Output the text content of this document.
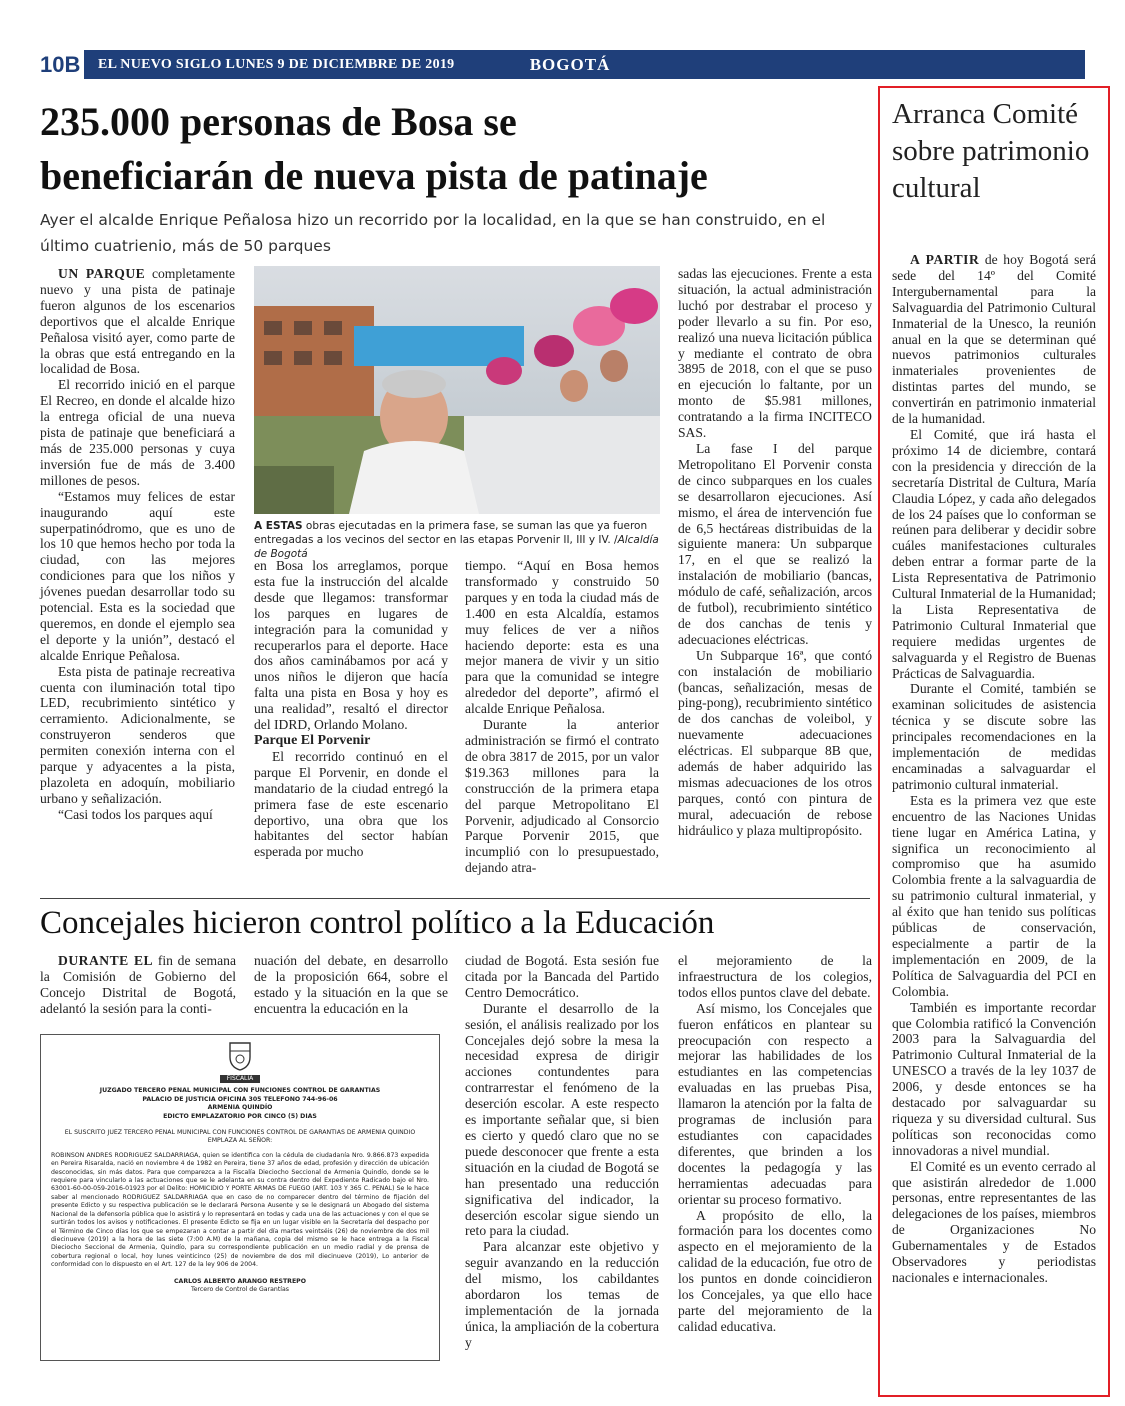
10B EL NUEVO SIGLO LUNES 9 DE DICIEMBRE DE 2019	BOGOTÁ
235.000 personas de Bosa se
beneficiarán de nueva pista de patinaje
Ayer el alcalde Enrique Peñalosa hizo un recorrido por la localidad, en la que se han construido, en el último cuatrienio, más de 50 parques

UN PARQUE completamente nuevo y una pista de patinaje fueron algunos de los escenarios deportivos que el alcalde Enrique Peñalosa visitó ayer, como parte de la obras que está entregando en la localidad de Bosa.

El recorrido inició en el parque El Recreo, en donde el alcalde hizo la entrega oficial de una nueva pista de patinaje que beneficiará a más de 235.000 personas y cuya inversión fue de más de 3.400 millones de pesos.

“Estamos muy felices de estar inaugurando aquí este superpatinódromo, que es uno de los 10 que hemos hecho por toda la ciudad, con las mejores condiciones para que los niños y jóvenes puedan desarrollar todo su potencial. Esta es la sociedad que queremos, en donde el ejemplo sea el deporte y la unión”, destacó el alcalde Enrique Peñalosa.

Esta pista de patinaje recreativa cuenta con iluminación total tipo LED, recubrimiento sintético y cerramiento. Adicionalmente, se construyeron senderos que permiten conexión interna con el parque y adyacentes a la pista, plazoleta en adoquín, mobiliario urbano y señalización.

“Casi todos los parques aquí

A ESTAS obras ejecutadas en la primera fase, se suman las que ya fueron entregadas a los vecinos del sector en las etapas Porvenir II, III y IV. /Alcaldía de Bogotá

en Bosa los arreglamos, porque esta fue la instrucción del alcalde desde que llegamos: transformar los parques en lugares de integración para la comunidad y recuperarlos para el deporte. Hace dos años caminábamos por acá y unos niños le dijeron que hacía falta una pista en Bosa y hoy es una realidad”, resaltó el director del IDRD, Orlando Molano.

Parque El Porvenir

El recorrido continuó en el parque El Porvenir, en donde el mandatario de la ciudad entregó la primera fase de este escenario deportivo, una obra que los habitantes del sector habían esperada por mucho

tiempo. “Aquí en Bosa hemos transformado y construido 50 parques y en toda la ciudad más de 1.400 en esta Alcaldía, estamos muy felices de ver a niños haciendo deporte: esta es una mejor manera de vivir y un sitio para que la comunidad se integre alrededor del deporte”, afirmó el alcalde Enrique Peñalosa.

Durante la anterior administración se firmó el contrato de obra 3817 de 2015, por un valor $19.363 millones para la construcción de la primera etapa del parque Metropolitano El Porvenir, adjudicado al Consorcio Parque Porvenir 2015, que incumplió con lo presupuestado, dejando atra-

sadas las ejecuciones. Frente a esta situación, la actual administración luchó por destrabar el proceso y poder llevarlo a su fin. Por eso, realizó una nueva licitación pública y mediante el contrato de obra 3895 de 2018, con el que se puso en ejecución lo faltante, por un monto de $5.981 millones, contratando a la firma INCITECO SAS.

La fase I del parque Metropolitano El Porvenir consta de cinco subparques en los cuales se desarrollaron ejecuciones. Así mismo, el área de intervención fue de 6,5 hectáreas distribuidas de la siguiente manera: Un subparque 17, en el que se realizó la instalación de mobiliario (bancas, módulo de café, señalización, arcos de futbol), recubrimiento sintético de dos canchas de tenis y adecuaciones eléctricas.

Un Subparque 16ª, que contó con instalación de mobiliario (bancas, señalización, mesas de ping-pong), recubrimiento sintético de dos canchas de voleibol, y nuevamente adecuaciones eléctricas. El subparque 8B que, además de haber adquirido las mismas adecuaciones de los otros parques, contó con pintura de mural, adecuación de rebose hidráulico y plaza multipropósito.

Concejales hicieron control político a la Educación

DURANTE EL fin de semana la Comisión de Gobierno del Concejo Distrital de Bogotá, adelantó la sesión para la conti-

nuación del debate, en desarrollo de la proposición 664, sobre el estado y la situación en la que se encuentra la educación en la

ciudad de Bogotá. Esta sesión fue citada por la Bancada del Partido Centro Democrático.

Durante el desarrollo de la sesión, el análisis realizado por los Concejales dejó sobre la mesa la necesidad expresa de dirigir acciones contundentes para contrarrestar el fenómeno de la deserción escolar. A este respecto es importante señalar que, si bien es cierto y quedó claro que no se puede desconocer que frente a esta situación en la ciudad de Bogotá se han presentado una reducción significativa del indicador, la deserción escolar sigue siendo un reto para la ciudad.

Para alcanzar este objetivo y seguir avanzando en la reducción del mismo, los cabildantes abordaron los temas de implementación de la jornada única, la ampliación de la cobertura y

el mejoramiento de la infraestructura de los colegios, todos ellos puntos clave del debate.

Así mismo, los Concejales que fueron enfáticos en plantear su preocupación con respecto a mejorar las habilidades de los estudiantes en las competencias evaluadas en las pruebas Pisa, llamaron la atención por la falta de programas de inclusión para estudiantes con capacidades diferentes, que brinden a los docentes la pedagogía y las herramientas adecuadas para orientar su proceso formativo.

A propósito de ello, la formación para los docentes como aspecto en el mejoramiento de la calidad de la educación, fue otro de los puntos en donde coincidieron los Concejales, ya que ello hace parte del mejoramiento de la calidad educativa.

FISCALIA
JUZGADO TERCERO PENAL MUNICIPAL CON FUNCIONES CONTROL DE GARANTIAS
PALACIO DE JUSTICIA OFICINA 305 TELEFONO 744-96-06
ARMENIA QUINDÍO
EDICTO EMPLAZATORIO POR CINCO (5) DIAS
EL SUSCRITO JUEZ TERCERO PENAL MUNICIPAL CON FUNCIONES CONTROL DE GARANTIAS DE ARMENIA QUINDIO EMPLAZA AL SEÑOR:
ROBINSON ANDRES RODRIGUEZ SALDARRIAGA, quien se identifica con la cédula de ciudadanía Nro. 9.866.873 expedida en Pereira Risaralda, nació en noviembre 4 de 1982 en Pereira, tiene 37 años de edad, profesión y dirección de ubicación desconocidas, sin más datos. Para que comparezca a la Fiscalía Dieciocho Seccional de Armenia Quindío, donde se le requiere para vincularlo a las actuaciones que se le adelanta en su contra dentro del Expediente Radicado bajo el Nro. 63001-60-00-059-2016-01923 por el Delito: HOMICIDIO Y PORTE ARMAS DE FUEGO (ART. 103 Y 365 C. PENAL) Se le hace saber al mencionado RODRIGUEZ SALDARRIAGA que en caso de no comparecer dentro del término de fijación del presente Edicto y su respectiva publicación se le declarará Persona Ausente y se le designará un Abogado del sistema Nacional de la defensoría pública que lo asistirá y lo representará en todas y cada una de las actuaciones y con el que se surtirán todos los avisos y notificaciones. El presente Edicto se fija en un lugar visible en la Secretaría del despacho por el Término de Cinco días los que se empezaran a contar a partir del día martes veintséis (26) de noviembre de dos mil diecinueve (2019) a la hora de las siete (7:00 A.M) de la mañana, copia del mismo se le hace entrega a la Fiscal Dieciocho Seccional de Armenia, Quindío, para su correspondiente publicación en un medio radial y de prensa de cobertura regional o local, hoy lunes veinticinco (25) de noviembre de dos mil diecinueve (2019), Lo anterior de conformidad con lo dispuesto en el Art. 127 de la ley 906 de 2004.
CARLOS ALBERTO ARANGO RESTREPO
Tercero de Control de Garantías
Arranca Comité sobre patrimonio cultural

A PARTIR de hoy Bogotá será sede del 14º del Comité Intergubernamental para la Salvaguardia del Patrimonio Cultural Inmaterial de la Unesco, la reunión anual en la que se determinan qué nuevos patrimonios culturales inmateriales provenientes de distintas partes del mundo, se convertirán en patrimonio inmaterial de la humanidad.

El Comité, que irá hasta el próximo 14 de diciembre, contará con la presidencia y dirección de la secretaría Distrital de Cultura, María Claudia López, y cada año delegados de los 24 países que lo conforman se reúnen para deliberar y decidir sobre cuáles manifestaciones culturales deben entrar a formar parte de la Lista Representativa de Patrimonio Cultural Inmaterial de la Humanidad; la Lista Representativa de Patrimonio Cultural Inmaterial que requiere medidas urgentes de salvaguarda y el Registro de Buenas Prácticas de Salvaguardia.

Durante el Comité, también se examinan solicitudes de asistencia técnica y se discute sobre las principales recomendaciones en la implementación de medidas encaminadas a salvaguardar el patrimonio cultural inmaterial.

Esta es la primera vez que este encuentro de las Naciones Unidas tiene lugar en América Latina, y significa un reconocimiento al compromiso que ha asumido Colombia frente a la salvaguardia de su patrimonio cultural inmaterial, y al éxito que han tenido sus políticas públicas de conservación, especialmente a partir de la implementación en 2009, de la Política de Salvaguardia del PCI en Colombia.

También es importante recordar que Colombia ratificó la Convención 2003 para la Salvaguardia del Patrimonio Cultural Inmaterial de la UNESCO a través de la ley 1037 de 2006, y desde entonces se ha destacado por salvaguardar su riqueza y su diversidad cultural. Sus políticas son reconocidas como innovadoras a nivel mundial.

El Comité es un evento cerrado al que asistirán alrededor de 1.000 personas, entre representantes de las delegaciones de los países, miembros de Organizaciones No Gubernamentales y de Estados Observadores y periodistas nacionales e internacionales.
